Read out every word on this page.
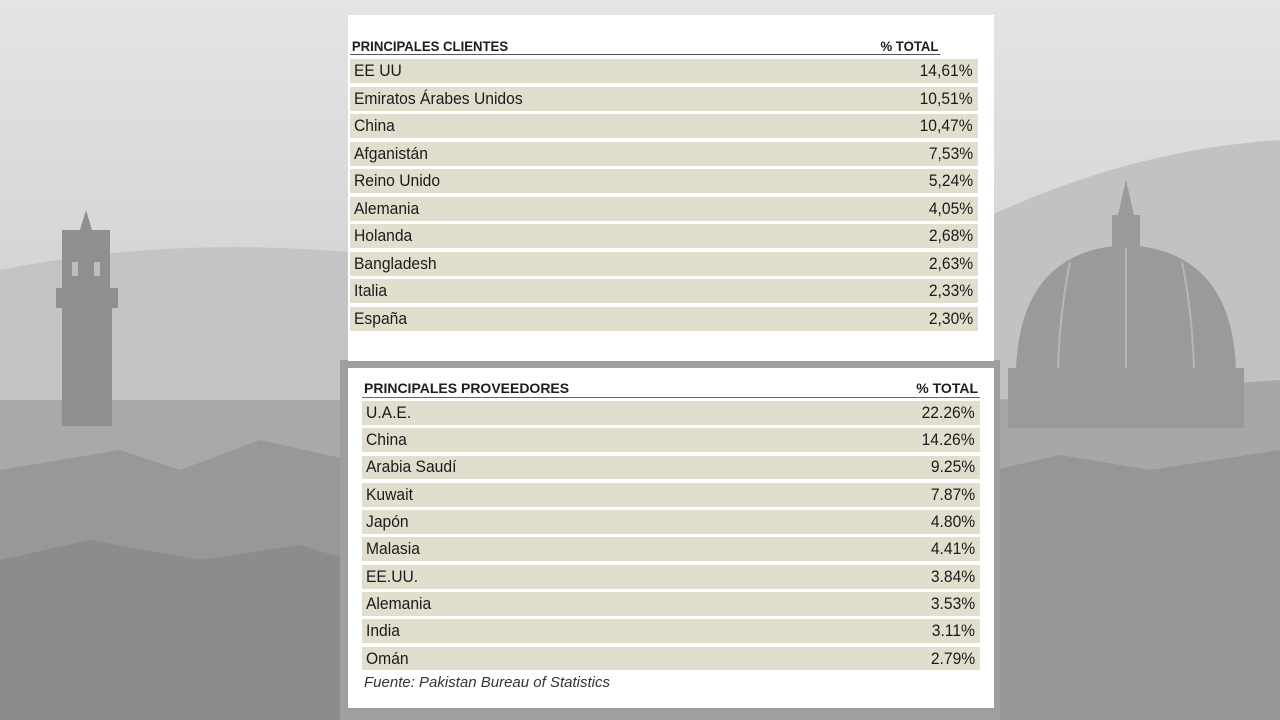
PRINCIPALES CLIENTES	% TOTAL
EE UU	14,61%
Emiratos Árabes Unidos	10,51%
China	10,47%
Afganistán	7,53%
Reino Unido	5,24%
Alemania	4,05%
Holanda	2,68%
Bangladesh	2,63%
Italia	2,33%
España	2,30%
PRINCIPALES PROVEEDORES	% TOTAL
U.A.E.	22.26%
China	14.26%
Arabia Saudí	9.25%
Kuwait	7.87%
Japón	4.80%
Malasia	4.41%
EE.UU.	3.84%
Alemania	3.53%
India	3.11%
Omán	2.79%
Fuente: Pakistan Bureau of Statistics
